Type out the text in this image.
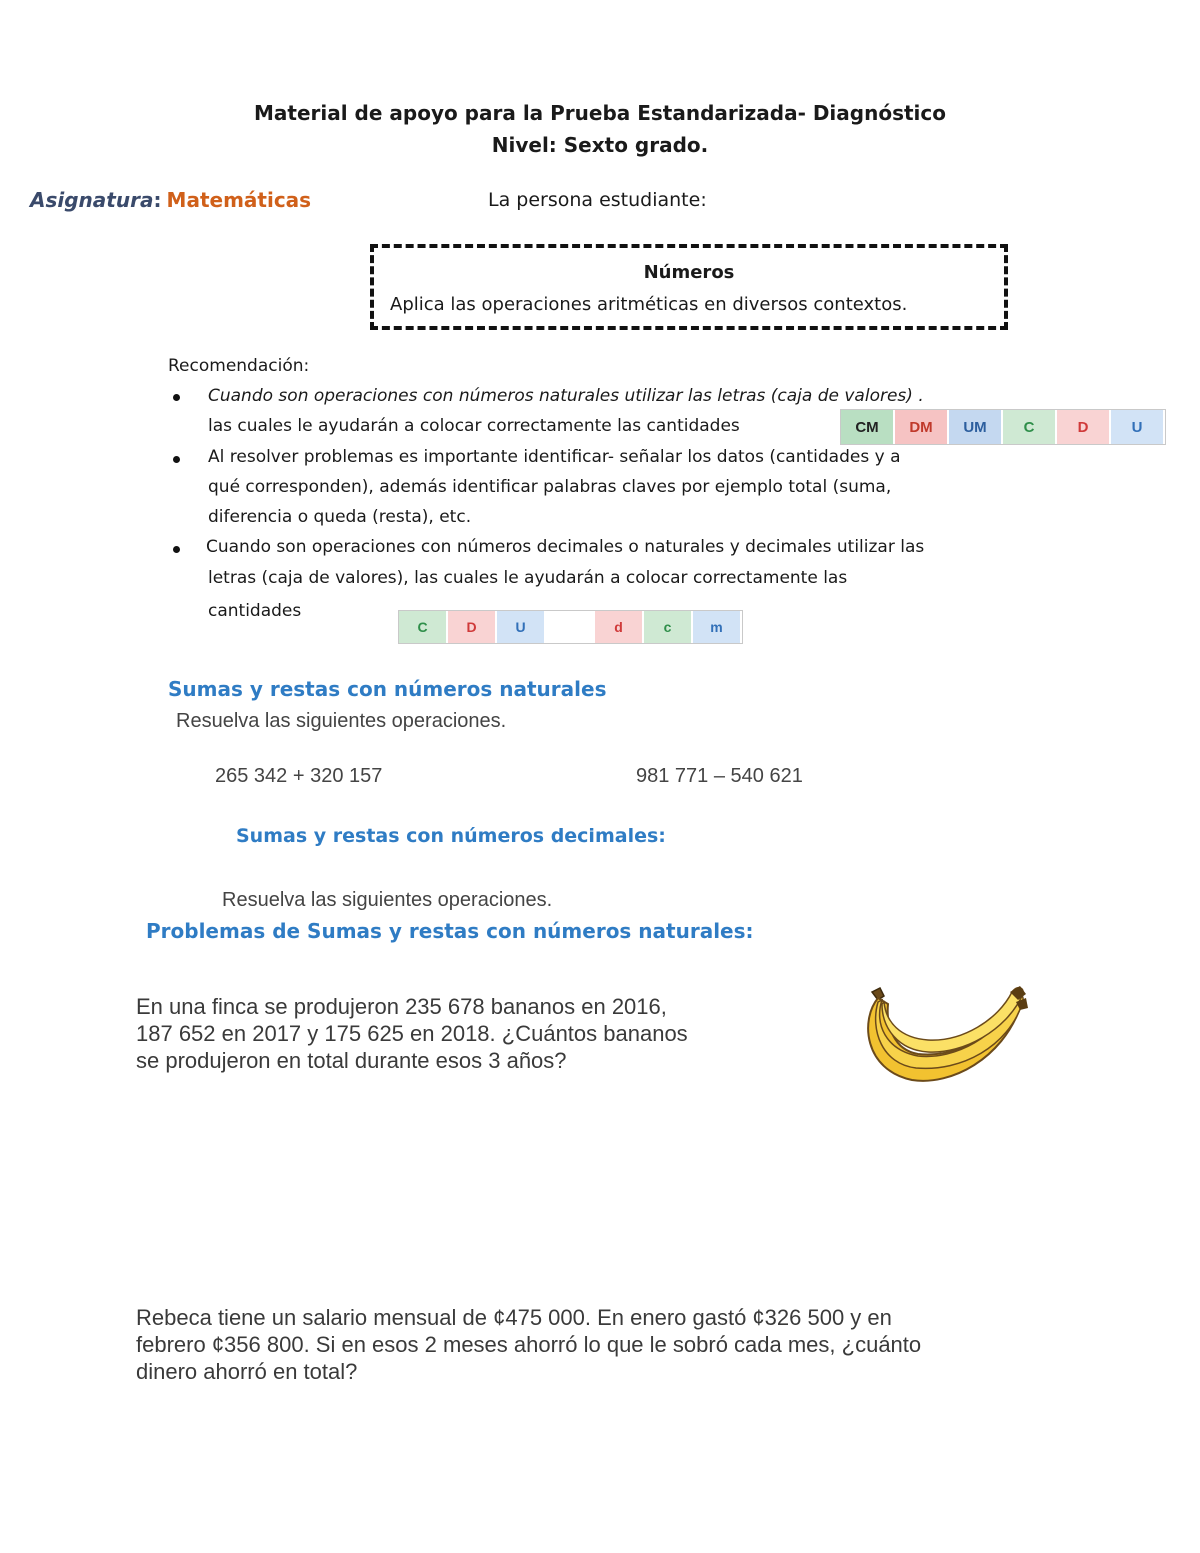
Material de apoyo para la Prueba Estandarizada- Diagnóstico
Nivel: Sexto grado.
Asignatura: Matemáticas	La persona estudiante:
Números
Aplica las operaciones aritméticas en diversos contextos.
Recomendación:
Cuando son operaciones con números naturales utilizar las letras (caja de valores) .
las cuales le ayudarán a colocar correctamente las cantidades	CM	DM	UM	C	D	U
Al resolver problemas es importante identificar- señalar los datos (cantidades y a
qué corresponden), además identificar palabras claves por ejemplo total (suma,
diferencia o queda (resta), etc.
Cuando son operaciones con números decimales o naturales y decimales utilizar las
letras (caja de valores), las cuales le ayudarán a colocar correctamente las
cantidades
C	D	U	d	c	m
Sumas y restas con números naturales
Resuelva las siguientes operaciones.
265 342 + 320 157	981 771 – 540 621
Sumas y restas con números decimales:
Resuelva las siguientes operaciones.
Problemas de Sumas y restas con números naturales:
En una finca se produjeron 235 678 bananos en 2016,
187 652 en 2017 y 175 625 en 2018. ¿Cuántos bananos
se produjeron en total durante esos 3 años?
Rebeca tiene un salario mensual de ¢475 000. En enero gastó ¢326 500 y en
febrero ¢356 800. Si en esos 2 meses ahorró lo que le sobró cada mes, ¿cuánto
dinero ahorró en total?
